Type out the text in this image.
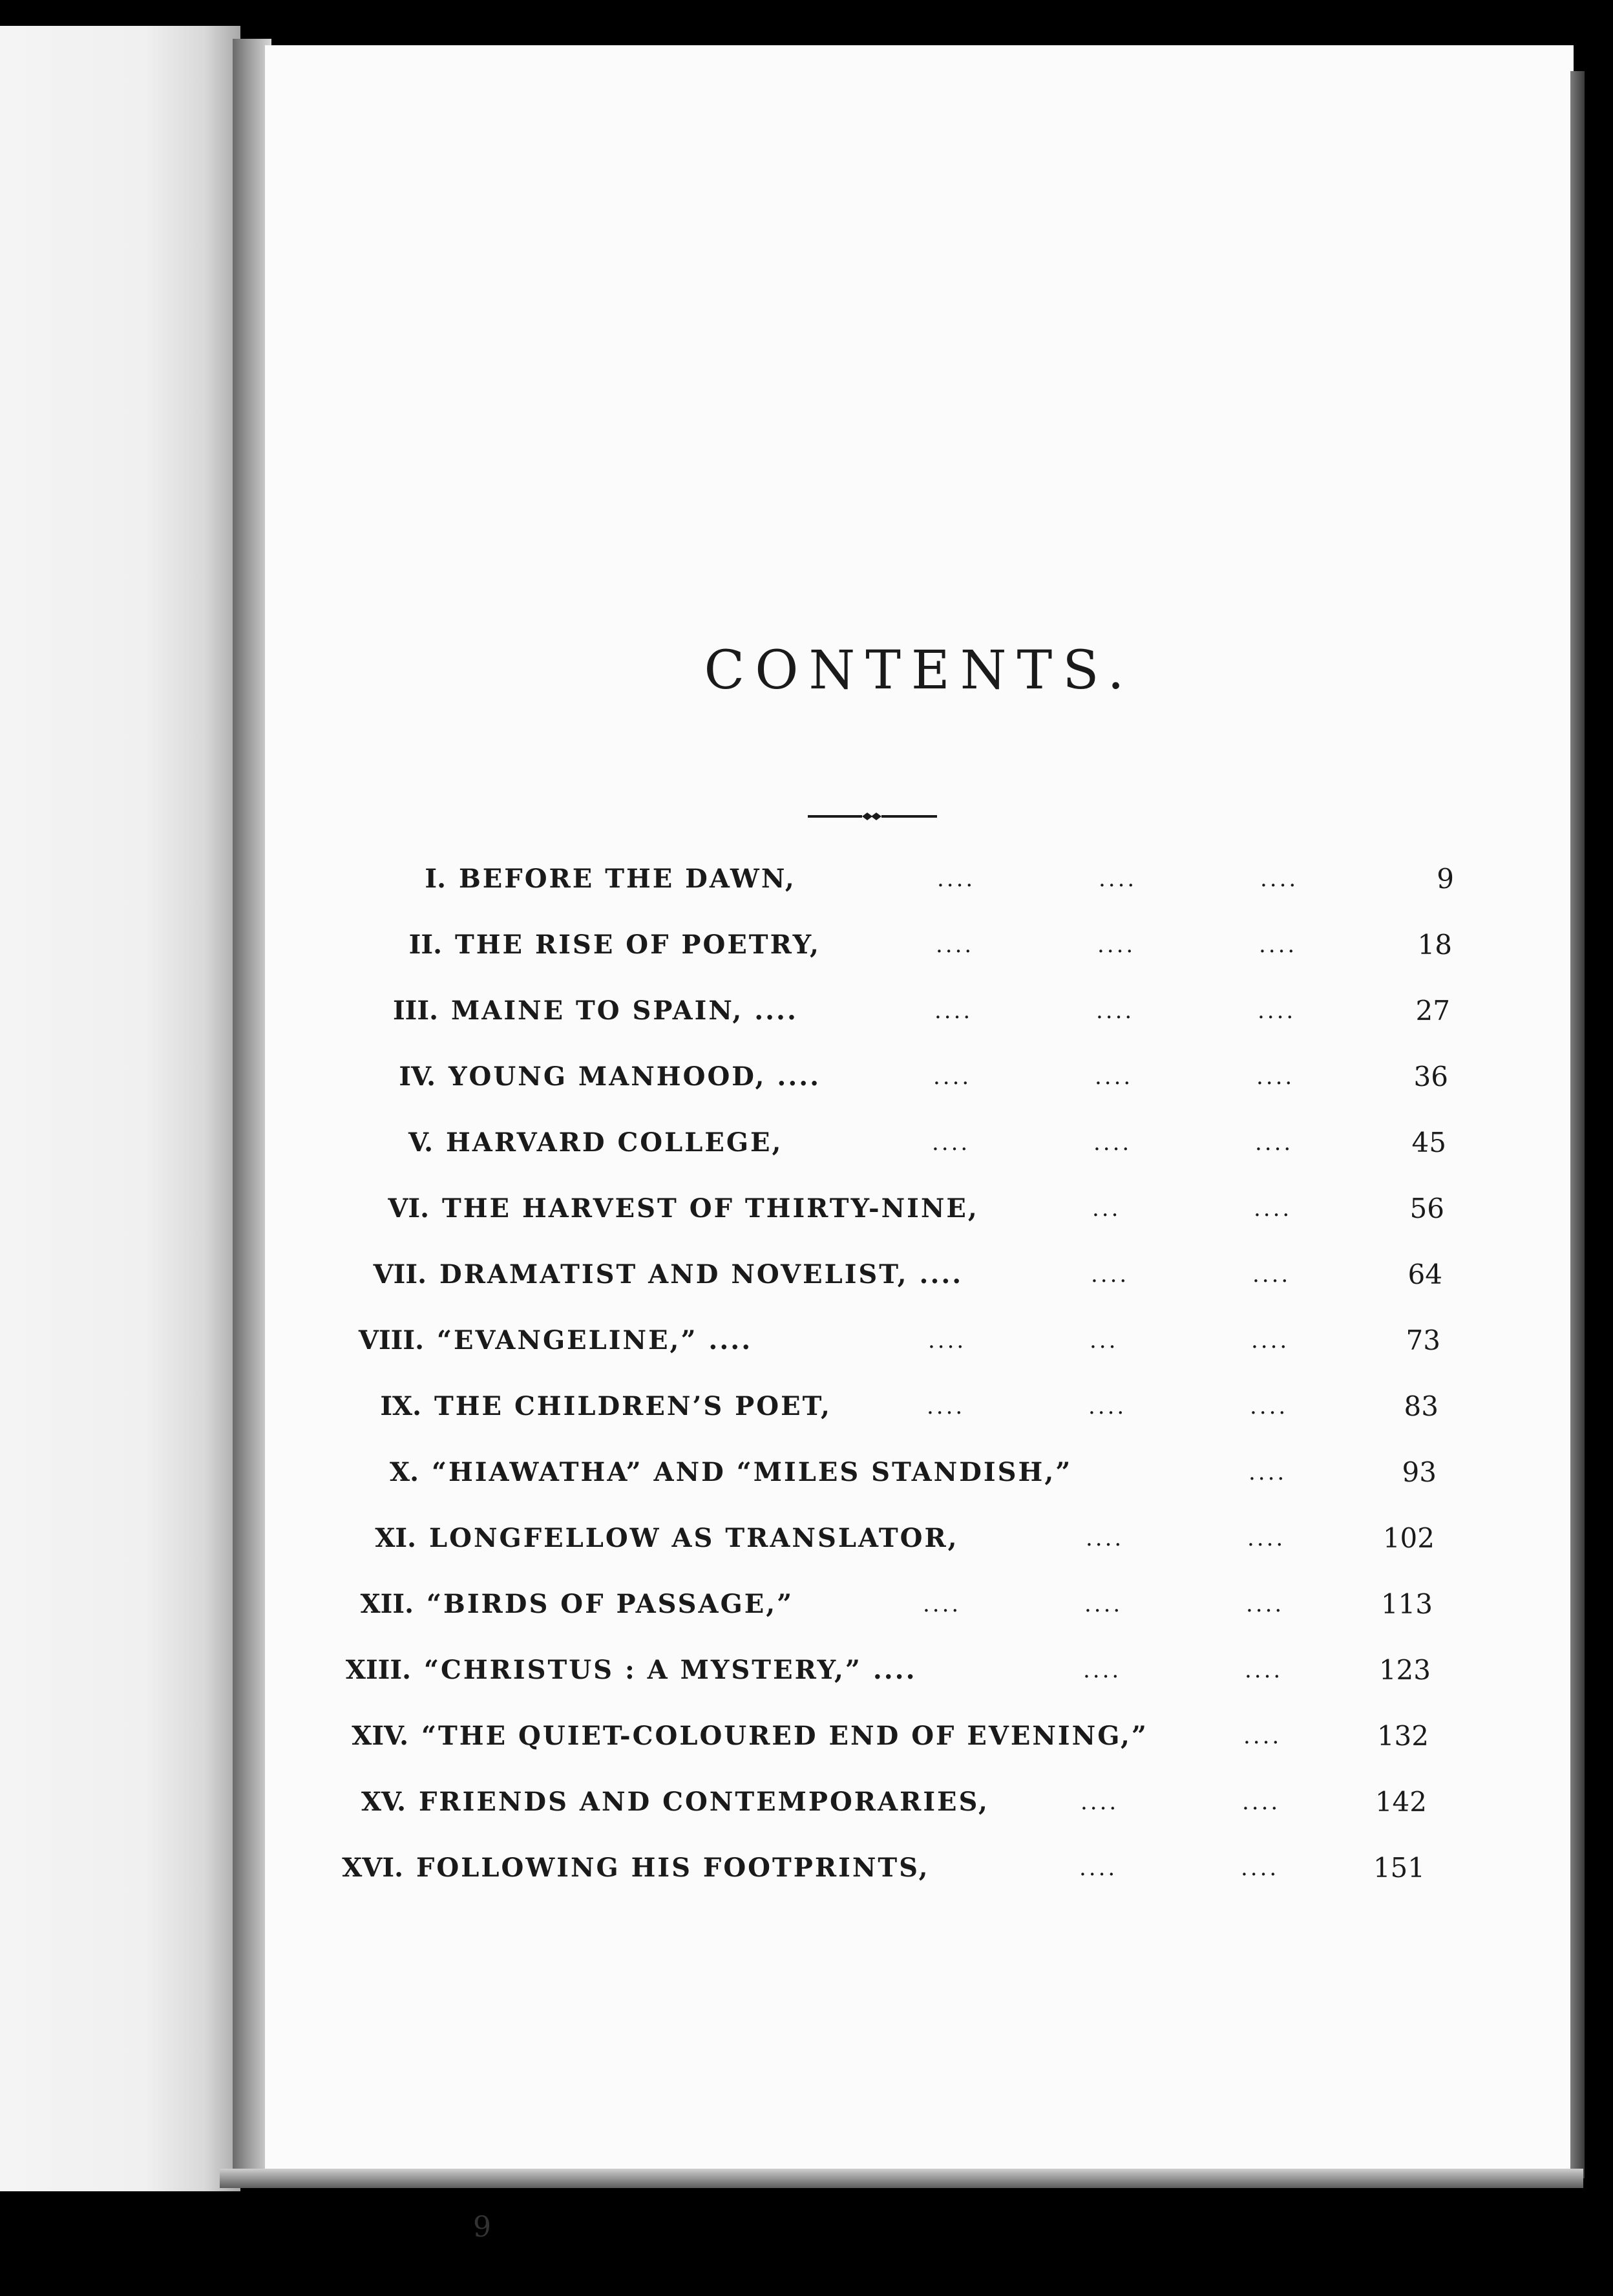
CONTENTS.
I. BEFORE THE DAWN,	....	....	....	9
II. THE RISE OF POETRY,	....	....	....	18
III. MAINE TO SPAIN, ....	....	....	....	27
IV. YOUNG MANHOOD, ....	....	....	....	36
V. HARVARD COLLEGE,	....	....	....	45
VI. THE HARVEST OF THIRTY-NINE,	...	....	56
VII. DRAMATIST AND NOVELIST, ....	....	....	64
VIII. “EVANGELINE,” ....	....	...	....	73
IX. THE CHILDREN’S POET,	....	....	....	83
X. “HIAWATHA” AND “MILES STANDISH,”	....	93
XI. LONGFELLOW AS TRANSLATOR,	....	....	102
XII. “BIRDS OF PASSAGE,”	....	....	....	113
XIII. “CHRISTUS : A MYSTERY,” ....	....	....	123
XIV. “THE QUIET-COLOURED END OF EVENING,”	....	132
XV. FRIENDS AND CONTEMPORARIES,	....	....	142
XVI. FOLLOWING HIS FOOTPRINTS,	....	....	151
9
